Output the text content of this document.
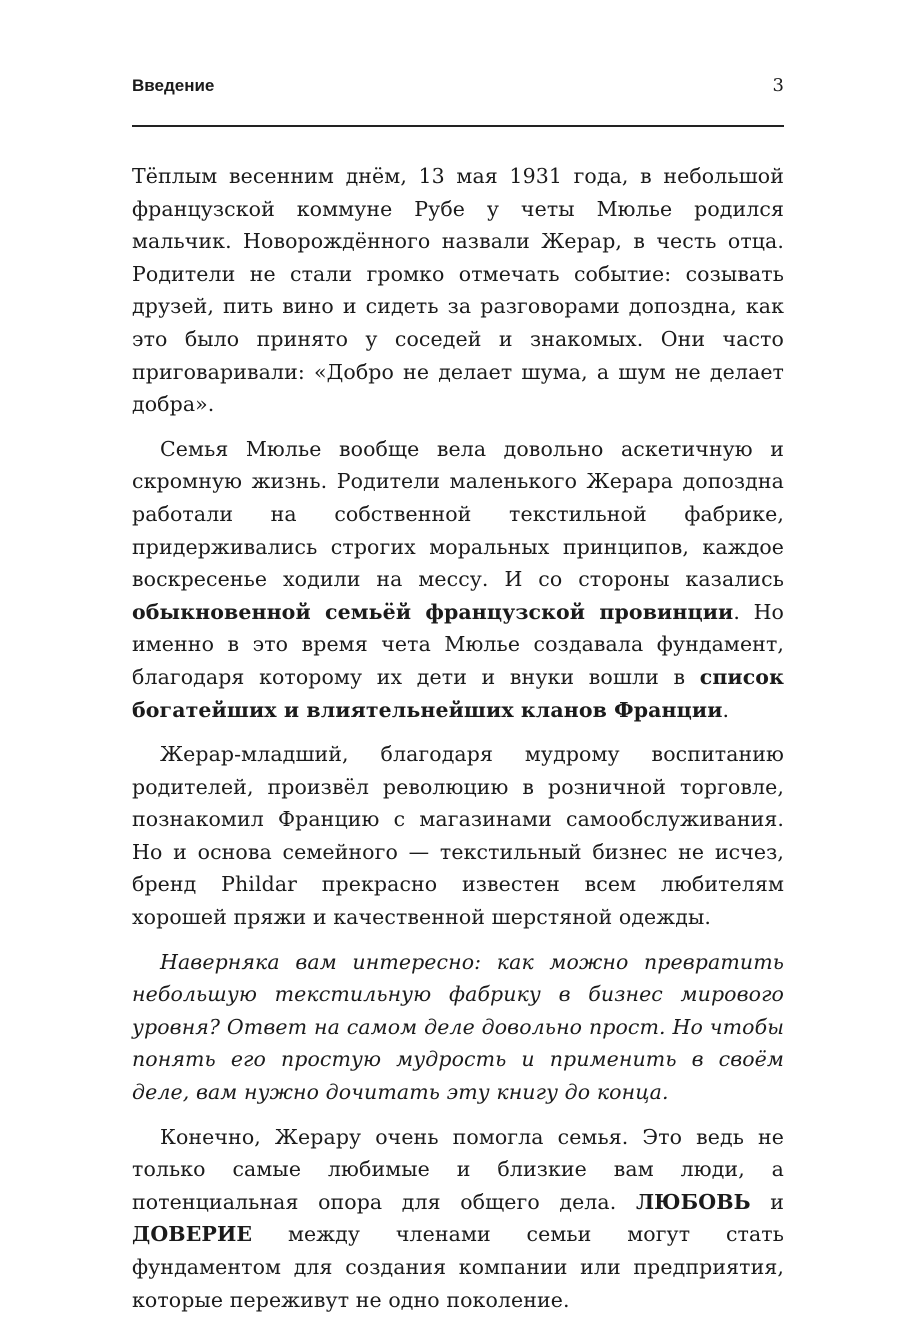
Введение	3

Тёплым весенним днём, 13 мая 1931 года, в небольшой французской коммуне Рубе у четы Мюлье родился мальчик. Новорождённого назвали Жерар, в честь отца. Родители не стали громко отмечать событие: созывать друзей, пить вино и сидеть за разговорами допоздна, как это было принято у соседей и знакомых. Они часто приговаривали: «Добро не делает шума, а шум не делает добра».

Семья Мюлье вообще вела довольно аскетичную и скромную жизнь. Родители маленького Жерара допоздна работали на собственной текстильной фабрике, придерживались строгих моральных принципов, каждое воскресенье ходили на мессу. И со стороны казались обыкновенной семьёй французской провинции. Но именно в это время чета Мюлье создавала фундамент, благодаря которому их дети и внуки вошли в список богатейших и влиятельнейших кланов Франции.

Жерар-младший, благодаря мудрому воспитанию родителей, произвёл революцию в розничной торговле, познакомил Францию с магазинами самообслуживания. Но и основа семейного — текстильный бизнес не исчез, бренд Phildar прекрасно известен всем любителям хорошей пряжи и качественной шерстяной одежды.

Наверняка вам интересно: как можно превратить небольшую текстильную фабрику в бизнес мирового уровня? Ответ на самом деле довольно прост. Но чтобы понять его простую мудрость и применить в своём деле, вам нужно дочитать эту книгу до конца.

Конечно, Жерару очень помогла семья. Это ведь не только самые любимые и близкие вам люди, а потенциальная опора для общего дела. ЛЮБОВЬ и ДОВЕРИЕ между членами семьи могут стать фундаментом для создания компании или предприятия, которые переживут не одно поколение.
